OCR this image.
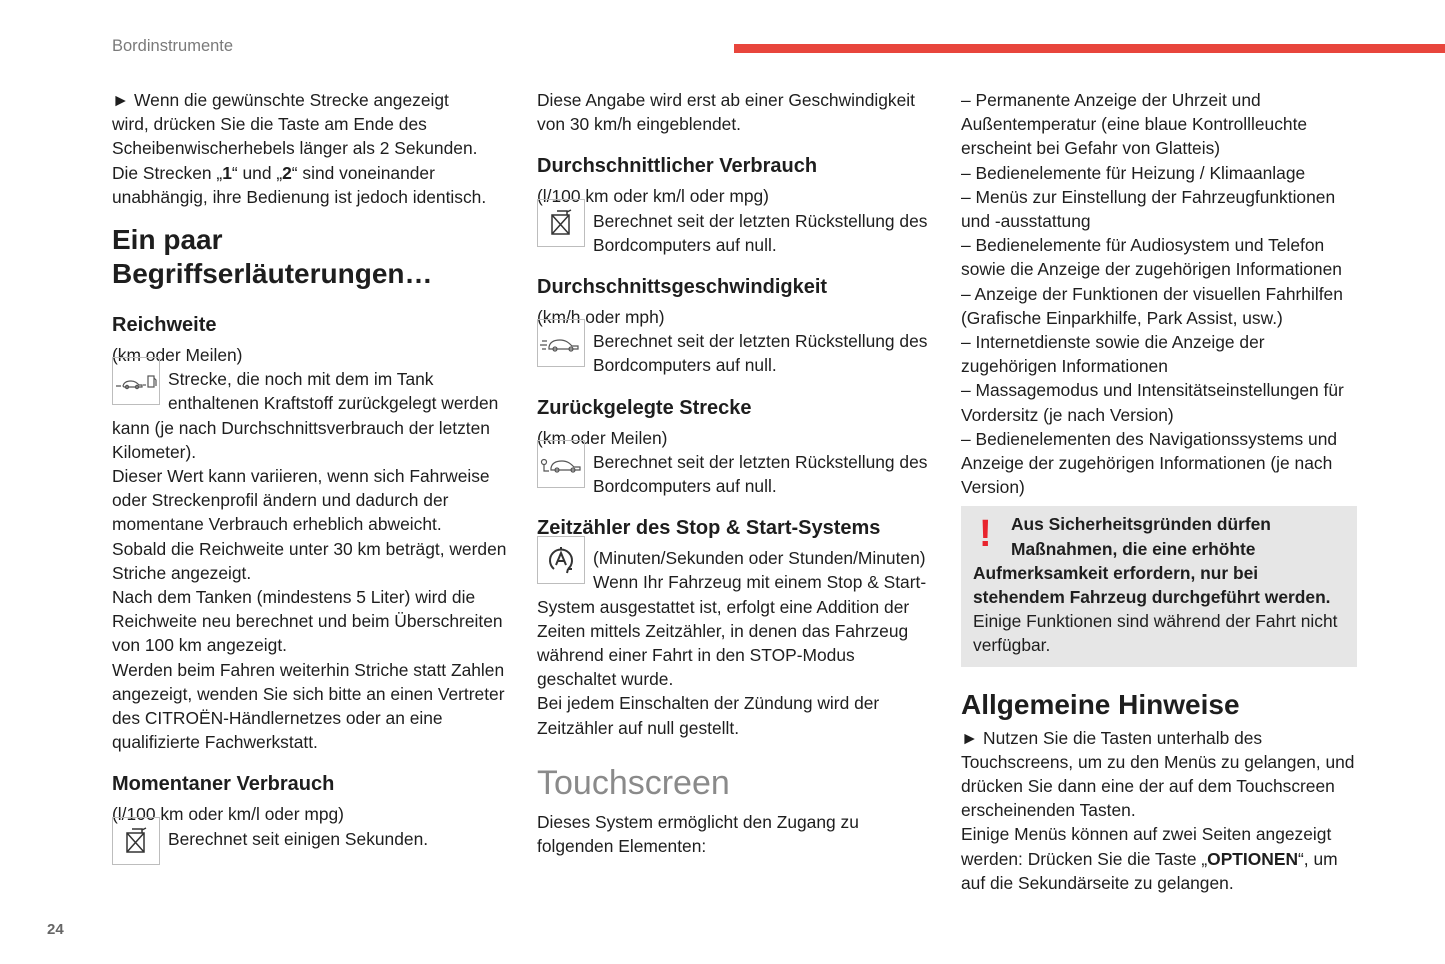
Bordinstrumente
24
► Wenn die gewünschte Strecke angezeigt
wird, drücken Sie die Taste am Ende des
Scheibenwischerhebels länger als 2 Sekunden.
Die Strecken „1“ und „2“ sind voneinander
unabhängig, ihre Bedienung ist jedoch identisch.
Ein paar
Begriffserläuterungen…
Reichweite
(km oder Meilen)
Strecke, die noch mit dem im Tank
enthaltenen Kraftstoff zurückgelegt werden
kann (je nach Durchschnittsverbrauch der letzten
Kilometer).
Dieser Wert kann variieren, wenn sich Fahrweise
oder Streckenprofil ändern und dadurch der
momentane Verbrauch erheblich abweicht.
Sobald die Reichweite unter 30 km beträgt, werden
Striche angezeigt.
Nach dem Tanken (mindestens 5 Liter) wird die
Reichweite neu berechnet und beim Überschreiten
von 100 km angezeigt.
Werden beim Fahren weiterhin Striche statt Zahlen
angezeigt, wenden Sie sich bitte an einen Vertreter
des CITROËN-Händlernetzes oder an eine
qualifizierte Fachwerkstatt.
Momentaner Verbrauch
(l/100 km oder km/l oder mpg)
Berechnet seit einigen Sekunden.
Diese Angabe wird erst ab einer Geschwindigkeit
von 30 km/h eingeblendet.
Durchschnittlicher Verbrauch
(l/100 km oder km/l oder mpg)
Berechnet seit der letzten Rückstellung des
Bordcomputers auf null.
Durchschnittsgeschwindigkeit
(km/h oder mph)
Berechnet seit der letzten Rückstellung des
Bordcomputers auf null.
Zurückgelegte Strecke
(km oder Meilen)
Berechnet seit der letzten Rückstellung des
Bordcomputers auf null.
Zeitzähler des Stop & Start-Systems
(Minuten/Sekunden oder Stunden/Minuten)
Wenn Ihr Fahrzeug mit einem Stop & Start-
System ausgestattet ist, erfolgt eine Addition der
Zeiten mittels Zeitzähler, in denen das Fahrzeug
während einer Fahrt in den STOP-Modus
geschaltet wurde.
Bei jedem Einschalten der Zündung wird der
Zeitzähler auf null gestellt.
Touchscreen
Dieses System ermöglicht den Zugang zu
folgenden Elementen:
– Permanente Anzeige der Uhrzeit und
Außentemperatur (eine blaue Kontrollleuchte
erscheint bei Gefahr von Glatteis)
– Bedienelemente für Heizung / Klimaanlage
– Menüs zur Einstellung der Fahrzeugfunktionen
und -ausstattung
– Bedienelemente für Audiosystem und Telefon
sowie die Anzeige der zugehörigen Informationen
– Anzeige der Funktionen der visuellen Fahrhilfen
(Grafische Einparkhilfe, Park Assist, usw.)
– Internetdienste sowie die Anzeige der
zugehörigen Informationen
– Massagemodus und Intensitätseinstellungen für
Vordersitz (je nach Version)
– Bedienelementen des Navigationssystems und
Anzeige der zugehörigen Informationen (je nach
Version)
!	Aus Sicherheitsgründen dürfen
Maßnahmen, die eine erhöhte
Aufmerksamkeit erfordern, nur bei
stehendem Fahrzeug durchgeführt werden.
Einige Funktionen sind während der Fahrt nicht
verfügbar.
Allgemeine Hinweise
► Nutzen Sie die Tasten unterhalb des
Touchscreens, um zu den Menüs zu gelangen, und
drücken Sie dann eine der auf dem Touchscreen
erscheinenden Tasten.
Einige Menüs können auf zwei Seiten angezeigt
werden: Drücken Sie die Taste „OPTIONEN“, um
auf die Sekundärseite zu gelangen.
